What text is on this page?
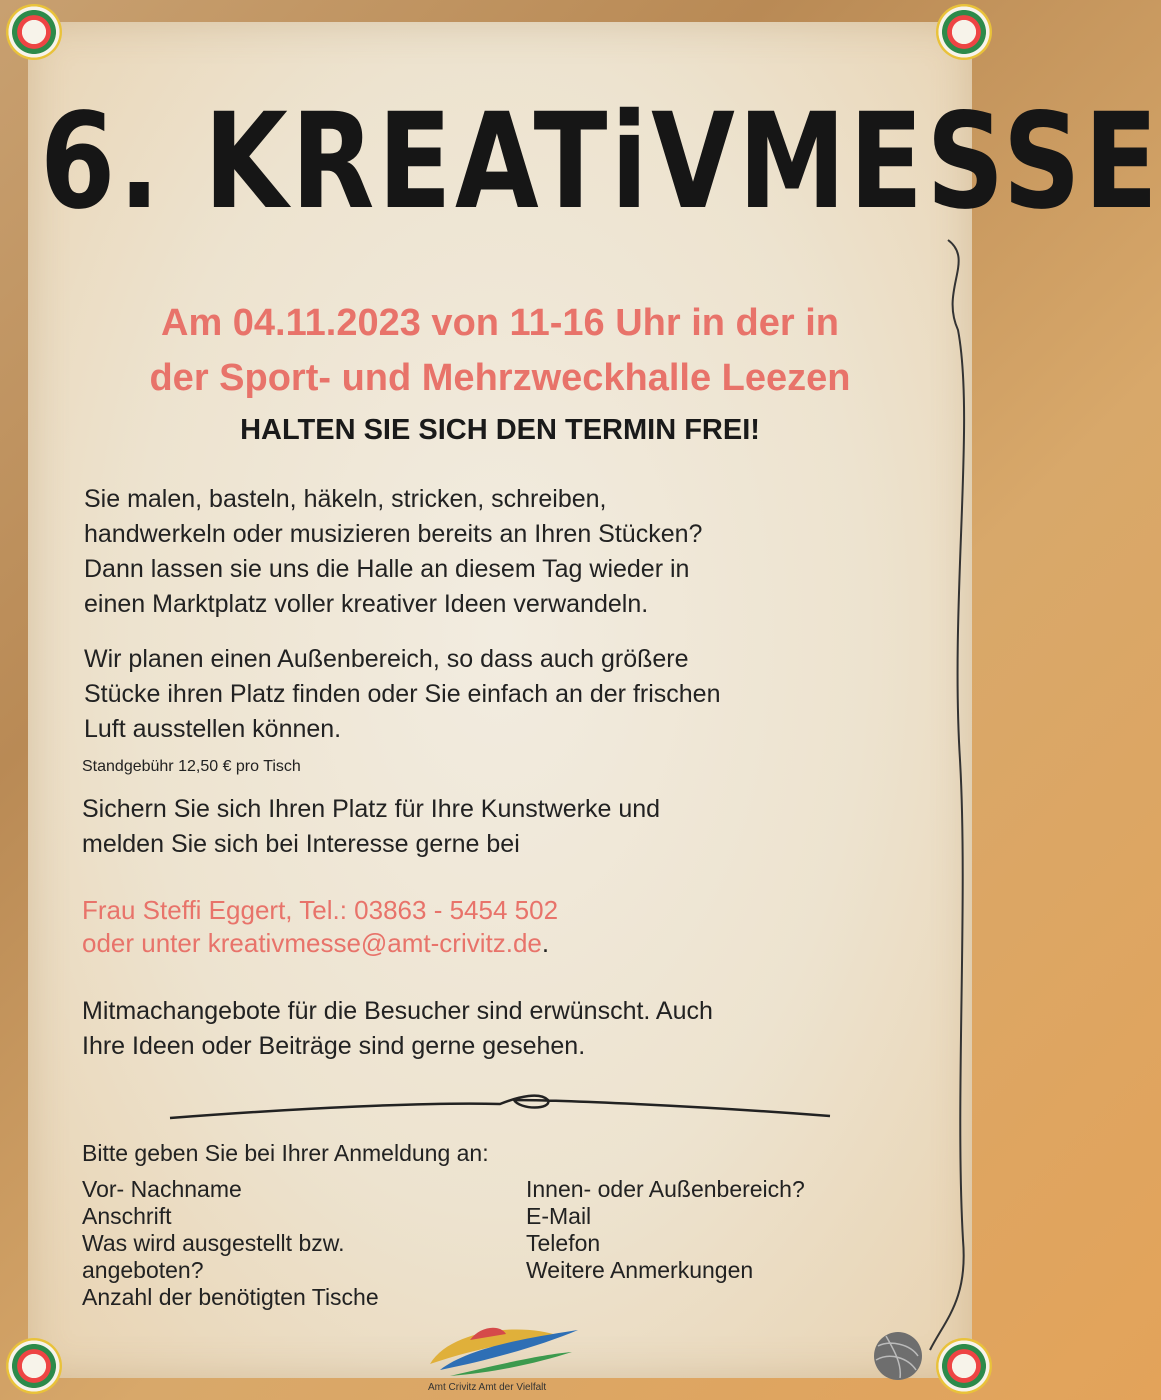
6. KREATiVMESSE
Am 04.11.2023 von 11-16 Uhr in der in
der Sport- und Mehrzweckhalle Leezen
HALTEN SIE SICH DEN TERMIN FREI!
Sie malen, basteln, häkeln, stricken, schreiben,
handwerkeln oder musizieren bereits an Ihren Stücken?
Dann lassen sie uns die Halle an diesem Tag wieder in
einen Marktplatz voller kreativer Ideen verwandeln.
Wir planen einen Außenbereich, so dass auch größere
Stücke ihren Platz finden oder Sie einfach an der frischen
Luft ausstellen können.
Standgebühr 12,50 € pro Tisch
Sichern Sie sich Ihren Platz für Ihre Kunstwerke und
melden Sie sich bei Interesse gerne bei
Frau Steffi Eggert, Tel.: 03863 - 5454 502
oder unter kreativmesse@amt-crivitz.de.
Mitmachangebote für die Besucher sind erwünscht. Auch
Ihre Ideen oder Beiträge sind gerne gesehen.
Bitte geben Sie bei Ihrer Anmeldung an:
Vor- Nachname
Anschrift
Was wird ausgestellt bzw. angeboten?
Anzahl der benötigten Tische
Innen- oder Außenbereich?
E-Mail
Telefon
Weitere Anmerkungen
Amt Crivitz Amt der Vielfalt
